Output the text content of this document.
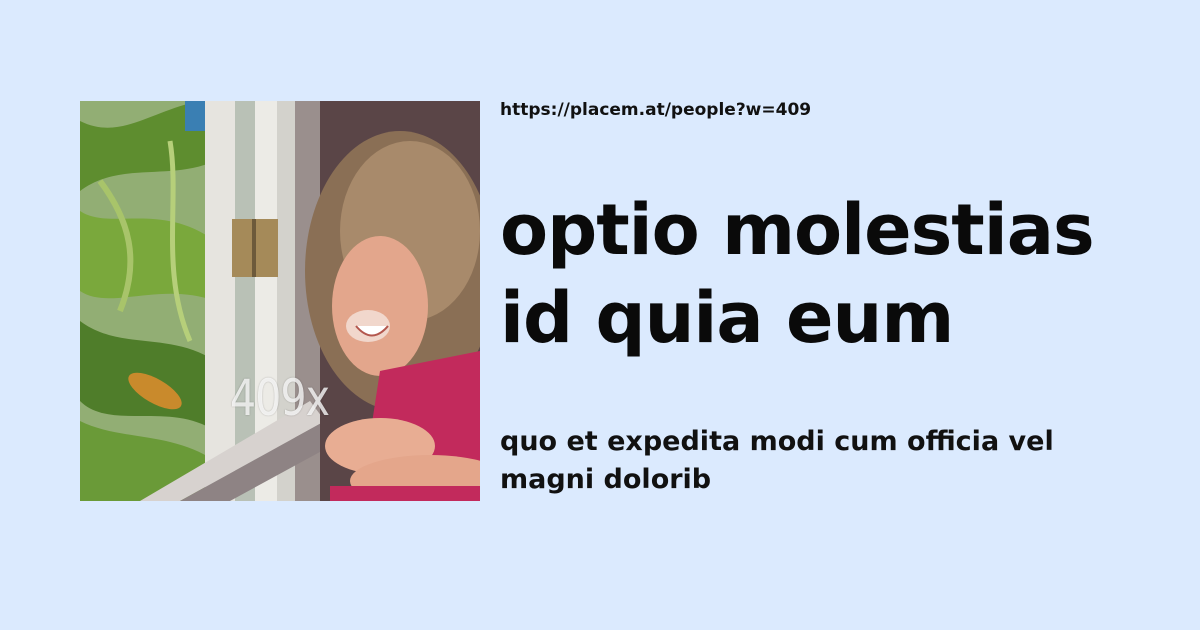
409x
https://placem.at/people?w=409
optio molestias id quia eum
quo et expedita modi cum officia vel magni dolorib
